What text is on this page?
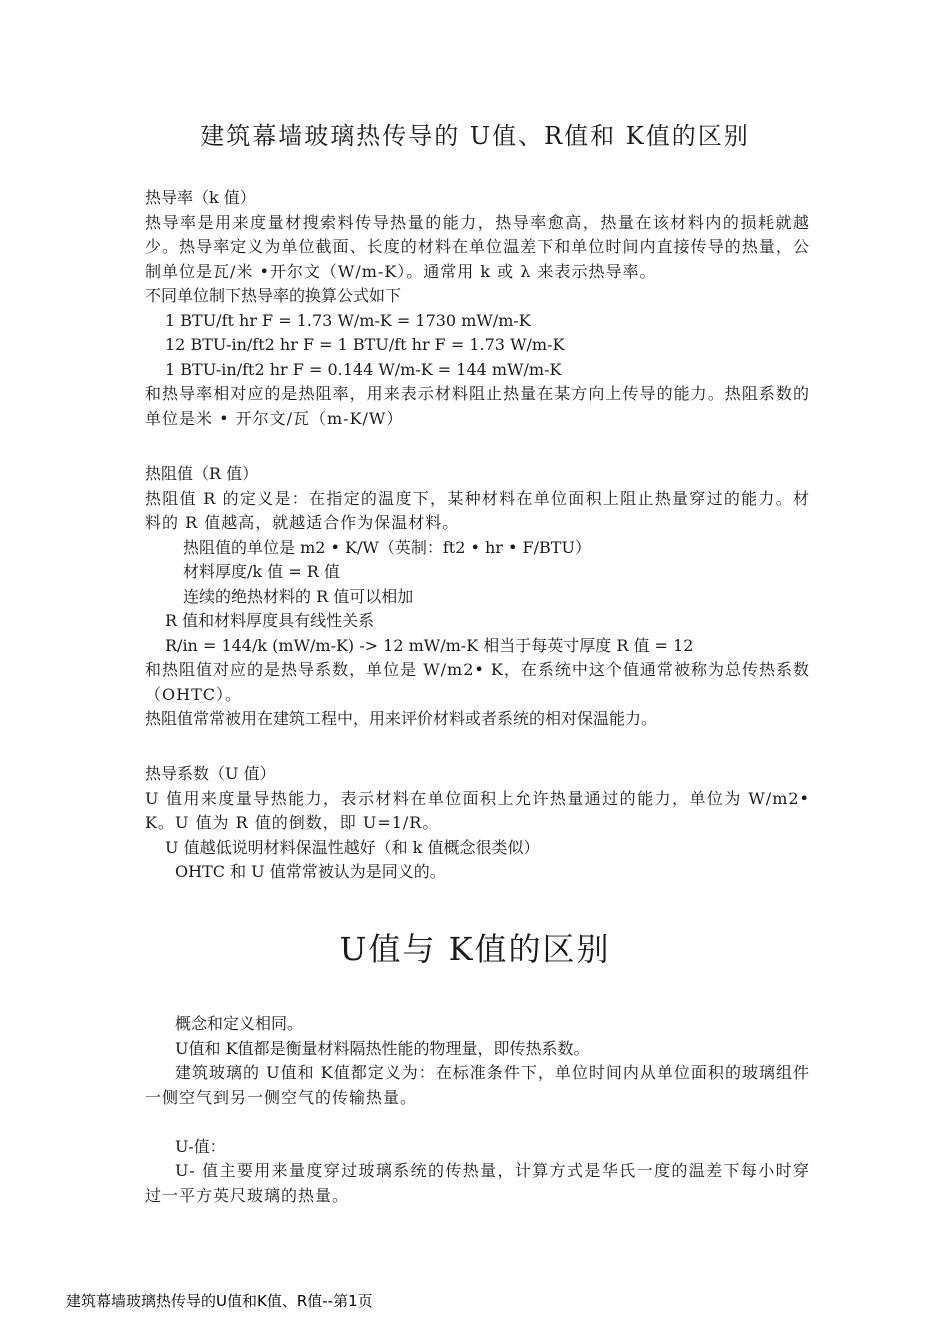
建筑幕墙玻璃热传导的 U值、R值和 K值的区别

热导率（k 值）

热导率是用来度量材搜索料传导热量的能力，热导率愈高，热量在该材料内的损耗就越少。热导率定义为单位截面、长度的材料在单位温差下和单位时间内直接传导的热量，公制单位是瓦/米 •开尔文（W/m-K）。通常用 k 或 λ 来表示热导率。

不同单位制下热导率的换算公式如下

1 BTU/ft hr F = 1.73 W/m-K = 1730 mW/m-K

12 BTU-in/ft2 hr F = 1 BTU/ft hr F = 1.73 W/m-K

1 BTU-in/ft2 hr F = 0.144 W/m-K = 144 mW/m-K

和热导率相对应的是热阻率，用来表示材料阻止热量在某方向上传导的能力。热阻系数的单位是米 • 开尔文/瓦（m-K/W）

热阻值（R 值）

热阻值 R 的定义是：在指定的温度下，某种材料在单位面积上阻止热量穿过的能力。材料的 R 值越高，就越适合作为保温材料。

热阻值的单位是 m2 • K/W（英制：ft2 • hr • F/BTU）

材料厚度/k 值 = R 值

连续的绝热材料的 R 值可以相加

R 值和材料厚度具有线性关系

R/in = 144/k (mW/m-K) -> 12 mW/m-K 相当于每英寸厚度 R 值 = 12

和热阻值对应的是热导系数，单位是 W/m2• K，在系统中这个值通常被称为总传热系数（OHTC）。

热阻值常常被用在建筑工程中，用来评价材料或者系统的相对保温能力。

热导系数（U 值）

U 值用来度量导热能力，表示材料在单位面积上允许热量通过的能力，单位为 W/m2• K。U 值为 R 值的倒数，即 U=1/R。

U 值越低说明材料保温性越好（和 k 值概念很类似）

OHTC 和 U 值常常被认为是同义的。

U值与 K值的区别

概念和定义相同。

U值和 K值都是衡量材料隔热性能的物理量，即传热系数。

建筑玻璃的 U值和 K值都定义为：在标准条件下，单位时间内从单位面积的玻璃组件一侧空气到另一侧空气的传输热量。

U-值：

U- 值主要用来量度穿过玻璃系统的传热量，计算方式是华氏一度的温差下每小时穿过一平方英尺玻璃的热量。

建筑幕墙玻璃热传导的U值和K值、R值--第1页
